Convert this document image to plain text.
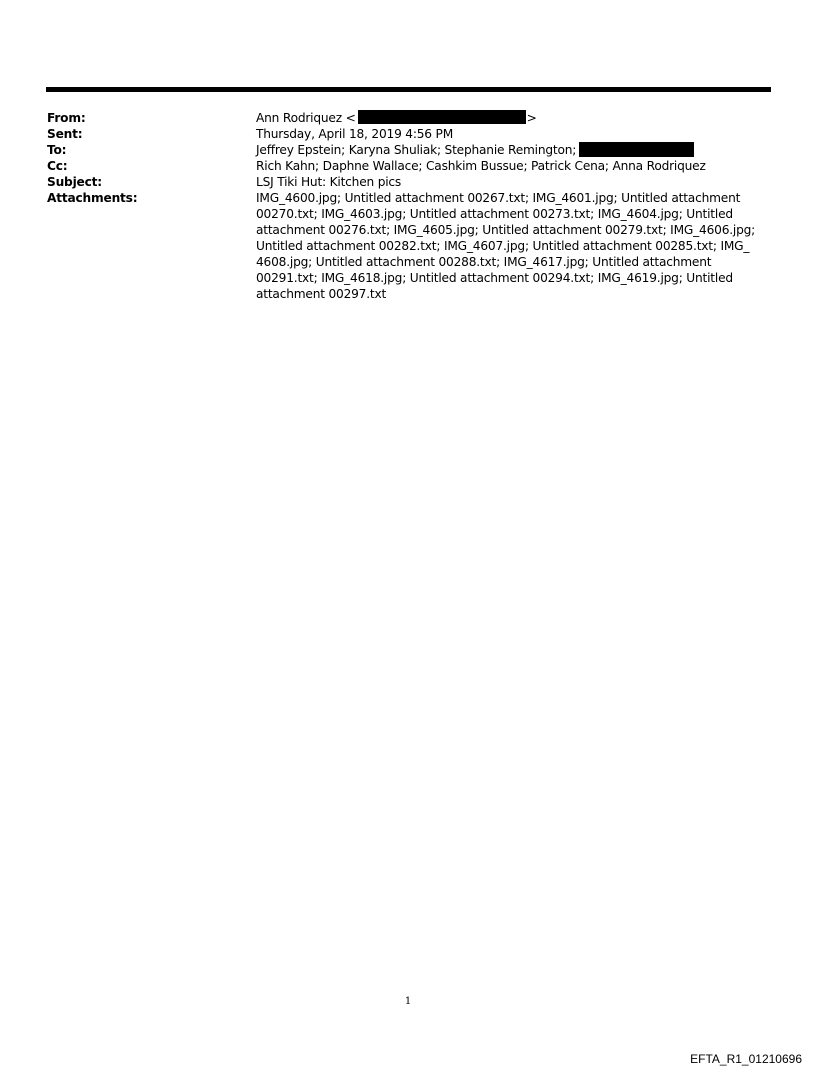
From:	Ann Rodriquez <	>
Sent:	Thursday, April 18, 2019 4:56 PM
To:	Jeffrey Epstein; Karyna Shuliak; Stephanie Remington;
Cc:	Rich Kahn; Daphne Wallace; Cashkim Bussue; Patrick Cena; Anna Rodriquez
Subject:	LSJ Tiki Hut: Kitchen pics
Attachments:	IMG_4600.jpg; Untitled attachment 00267.txt; IMG_4601.jpg; Untitled attachment 00270.txt; IMG_4603.jpg; Untitled attachment 00273.txt; IMG_4604.jpg; Untitled attachment 00276.txt; IMG_4605.jpg; Untitled attachment 00279.txt; IMG_4606.jpg; Untitled attachment 00282.txt; IMG_4607.jpg; Untitled attachment 00285.txt; IMG_ 4608.jpg; Untitled attachment 00288.txt; IMG_4617.jpg; Untitled attachment 00291.txt; IMG_4618.jpg; Untitled attachment 00294.txt; IMG_4619.jpg; Untitled attachment 00297.txt
1
EFTA_R1_01210696
